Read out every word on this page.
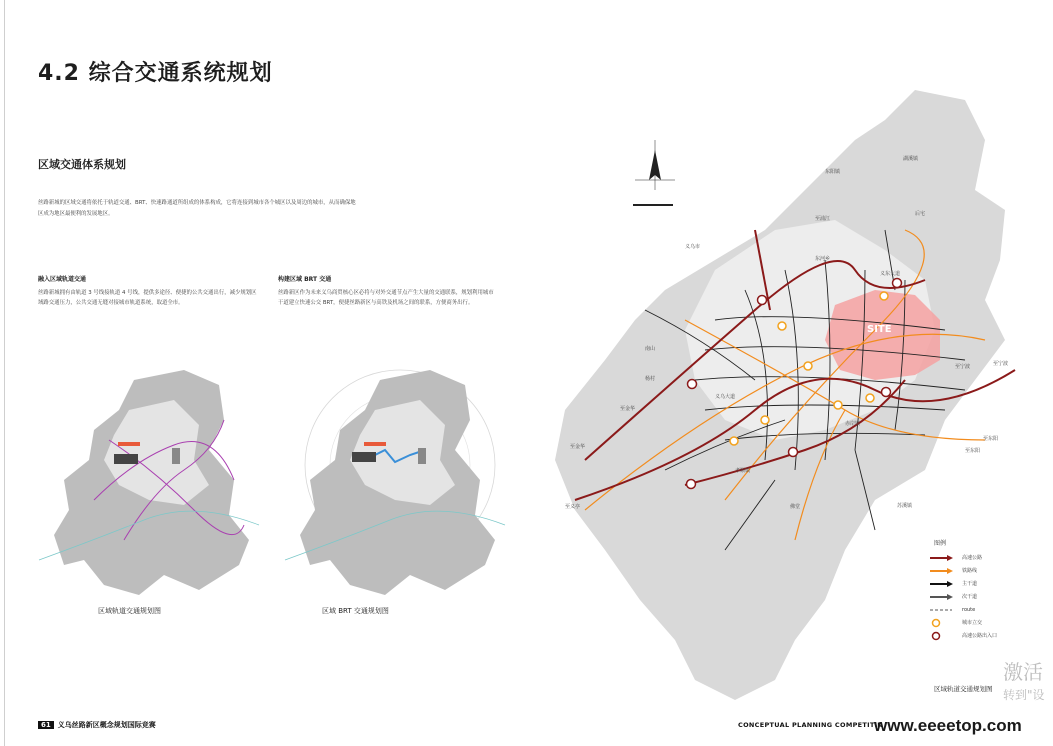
4.2 综合交通系统规划
区域交通体系规划
丝路新城的区域交通将依托于轨道交通、BRT、快速路通道所组成的体系构成，它将连接到城市各个城区以及周边的城市，从而确保地区成为地区最便利的发展地区。
融入区域轨道交通
丝路新城拥有由轨道 3 号线接轨道 4 号线，提供多途径、便捷的公共交通出行，减少规划区域路交通压力，公共交通无缝对接城市轨道系统，取道全市。
构建区域 BRT 交通
丝路新区作为未来义乌商贸核心区必将与对外交通节点产生大量的交通联系，规划利用城市干道建立快速公交 BRT，便捷丝路新区与高铁及机场之间的联系，方便商务出行。
区域轨道交通规划图	区域 BRT 交通规划图
SITE
湖溪镇
东阳镇
义乌市
南山
佛堂	苏溪镇
杨村
后宅
至宁波
至宁波
至金华
至金华
至东阳
至东阳
至义亭
至浦江
东河乡
义东大道
孝顺镇
赤岸镇
义乌大道
图例
高速公路
铁路线
主干道
次干道
route
城市立交
高速公路出入口
区域轨道交通规划图
61	义乌丝路新区概念规划国际竞赛	CONCEPTUAL PLANNING COMPETITIK
激活
转到"设
www.eeeetop.com
